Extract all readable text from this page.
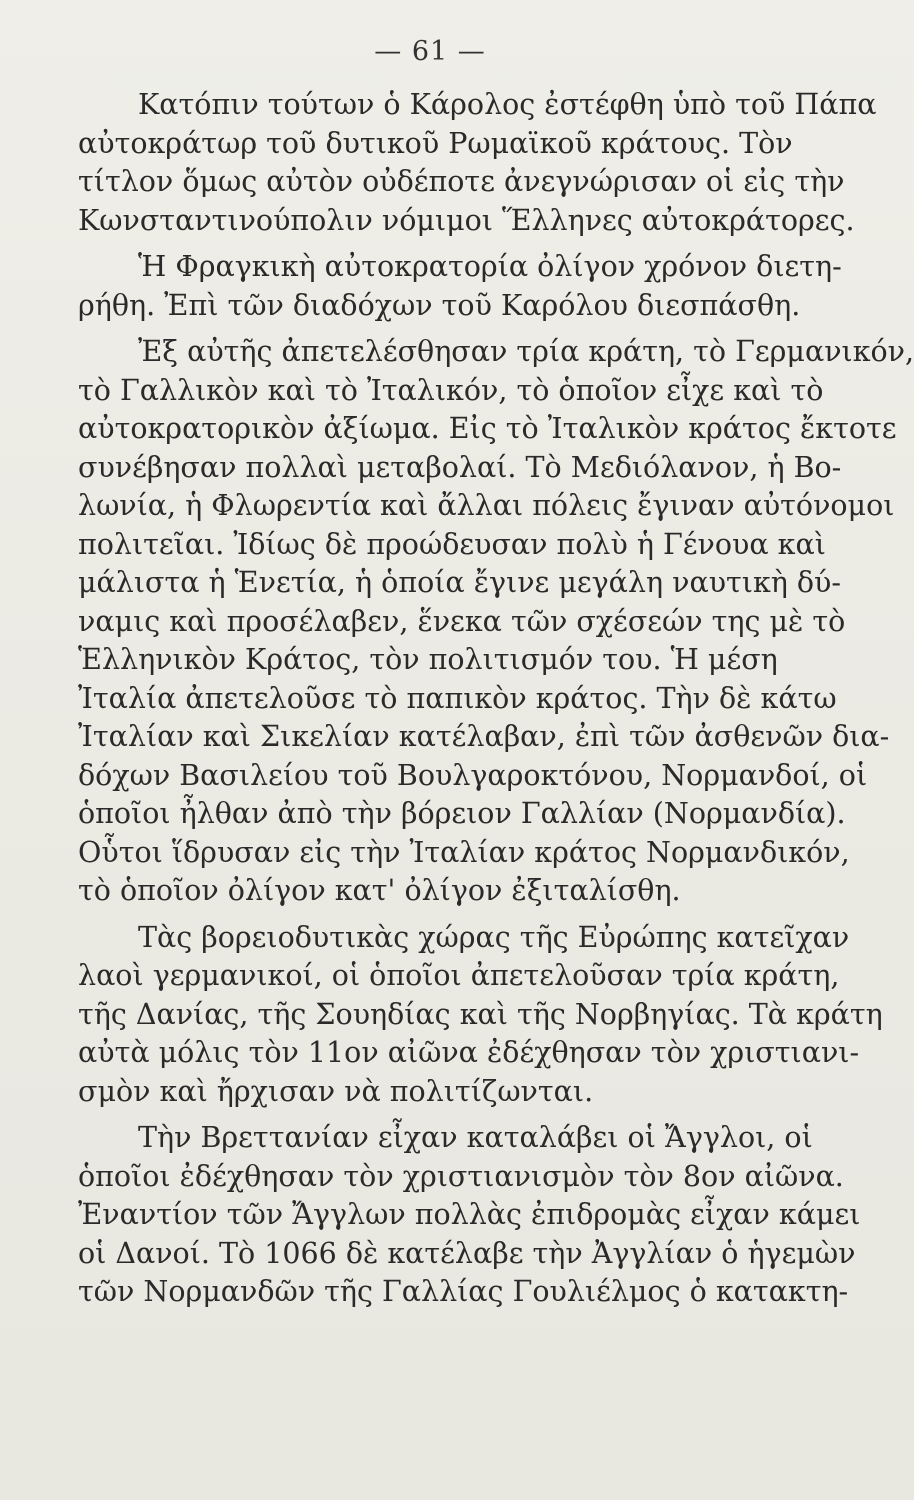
— 61 —
Κατόπιν τούτων ὁ Κάρολος ἐστέφθη ὑπὸ τοῦ Πάπα
αὐτοκράτωρ τοῦ δυτικοῦ Ρωμαϊκοῦ κράτους. Τὸν
τίτλον ὅμως αὐτὸν οὐδέποτε ἀνεγνώρισαν οἱ εἰς τὴν
Κωνσταντινούπολιν νόμιμοι Ἕλληνες αὐτοκράτορες.
Ἡ Φραγκικὴ αὐτοκρατορία ὀλίγον χρόνον διετη-
ρήθη. Ἐπὶ τῶν διαδόχων τοῦ Καρόλου διεσπάσθη.
Ἐξ αὐτῆς ἀπετελέσθησαν τρία κράτη, τὸ Γερμανικόν,
τὸ Γαλλικὸν καὶ τὸ Ἰταλικόν, τὸ ὁποῖον εἶχε καὶ τὸ
αὐτοκρατορικὸν ἀξίωμα. Εἰς τὸ Ἰταλικὸν κράτος ἔκτοτε
συνέβησαν πολλαὶ μεταβολαί. Τὸ Μεδιόλανον, ἡ Βο-
λωνία, ἡ Φλωρεντία καὶ ἄλλαι πόλεις ἔγιναν αὐτόνομοι
πολιτεῖαι. Ἰδίως δὲ προώδευσαν πολὺ ἡ Γένουα καὶ
μάλιστα ἡ Ἑνετία, ἡ ὁποία ἔγινε μεγάλη ναυτικὴ δύ-
ναμις καὶ προσέλαβεν, ἕνεκα τῶν σχέσεών της μὲ τὸ
Ἑλληνικὸν Κράτος, τὸν πολιτισμόν του. Ἡ μέση
Ἰταλία ἀπετελοῦσε τὸ παπικὸν κράτος. Τὴν δὲ κάτω
Ἰταλίαν καὶ Σικελίαν κατέλαβαν, ἐπὶ τῶν ἀσθενῶν δια-
δόχων Βασιλείου τοῦ Βουλγαροκτόνου, Νορμανδοί, οἱ
ὁποῖοι ἦλθαν ἀπὸ τὴν βόρειον Γαλλίαν (Νορμανδία).
Οὗτοι ἵδρυσαν εἰς τὴν Ἰταλίαν κράτος Νορμανδικόν,
τὸ ὁποῖον ὀλίγον κατ' ὀλίγον ἐξιταλίσθη.
Τὰς βορειοδυτικὰς χώρας τῆς Εὐρώπης κατεῖχαν
λαοὶ γερμανικοί, οἱ ὁποῖοι ἀπετελοῦσαν τρία κράτη,
τῆς Δανίας, τῆς Σουηδίας καὶ τῆς Νορβηγίας. Τὰ κράτη
αὐτὰ μόλις τὸν 11ον αἰῶνα ἐδέχθησαν τὸν χριστιανι-
σμὸν καὶ ἤρχισαν νὰ πολιτίζωνται.
Τὴν Βρεττανίαν εἶχαν καταλάβει οἱ Ἄγγλοι, οἱ
ὁποῖοι ἐδέχθησαν τὸν χριστιανισμὸν τὸν 8ον αἰῶνα.
Ἐναντίον τῶν Ἄγγλων πολλὰς ἐπιδρομὰς εἶχαν κάμει
οἱ Δανοί. Τὸ 1066 δὲ κατέλαβε τὴν Ἀγγλίαν ὁ ἡγεμὼν
τῶν Νορμανδῶν τῆς Γαλλίας Γουλιέλμος ὁ κατακτη-
